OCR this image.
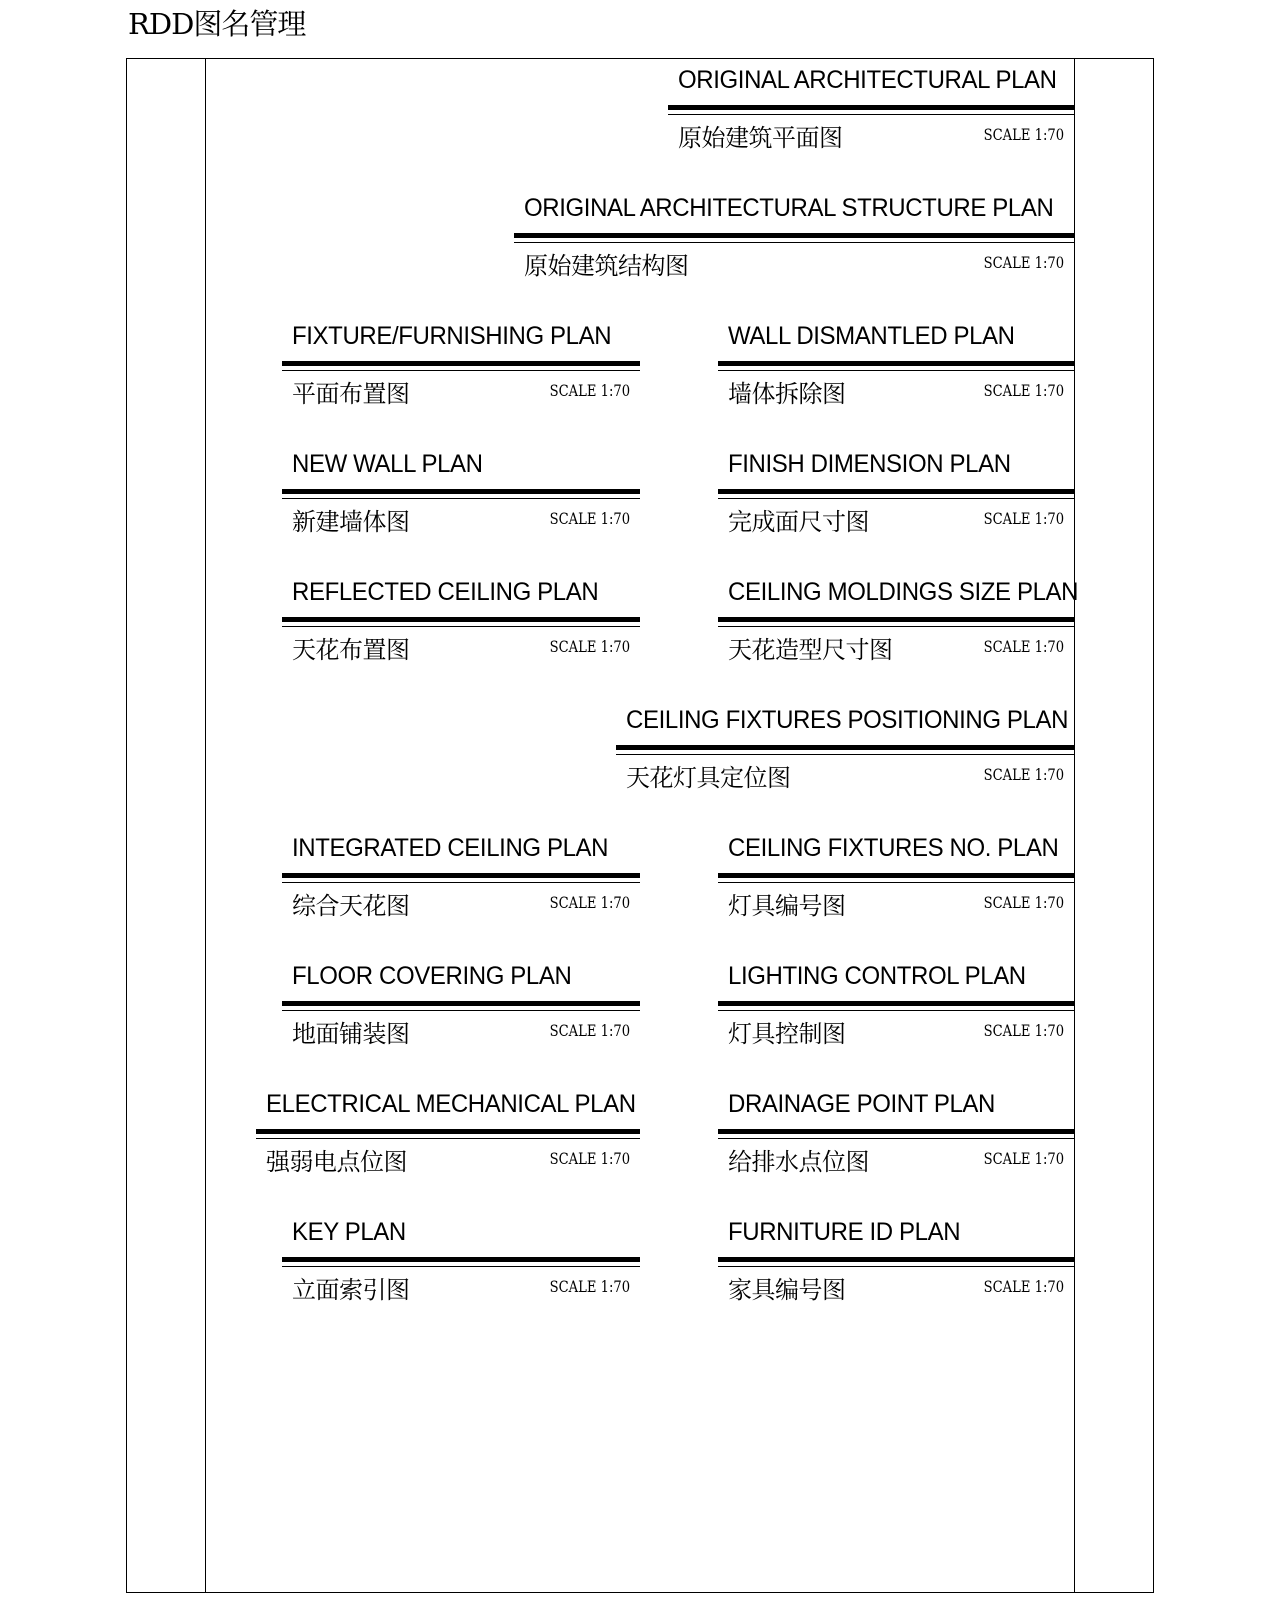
RDD图名管理
ORIGINAL ARCHITECTURAL PLAN
原始建筑平面图	SCALE 1:70
ORIGINAL ARCHITECTURAL STRUCTURE PLAN
原始建筑结构图	SCALE 1:70
FIXTURE/FURNISHING PLAN
平面布置图	SCALE 1:70
WALL DISMANTLED PLAN
墙体拆除图	SCALE 1:70
NEW WALL PLAN
新建墙体图	SCALE 1:70
FINISH DIMENSION PLAN
完成面尺寸图	SCALE 1:70
REFLECTED CEILING PLAN
天花布置图	SCALE 1:70
CEILING MOLDINGS SIZE PLAN
天花造型尺寸图	SCALE 1:70
CEILING FIXTURES POSITIONING PLAN
天花灯具定位图	SCALE 1:70
INTEGRATED CEILING PLAN
综合天花图	SCALE 1:70
CEILING FIXTURES NO. PLAN
灯具编号图	SCALE 1:70
FLOOR COVERING PLAN
地面铺装图	SCALE 1:70
LIGHTING CONTROL PLAN
灯具控制图	SCALE 1:70
ELECTRICAL MECHANICAL PLAN
强弱电点位图	SCALE 1:70
DRAINAGE POINT PLAN
给排水点位图	SCALE 1:70
KEY PLAN
立面索引图	SCALE 1:70
FURNITURE ID PLAN
家具编号图	SCALE 1:70
